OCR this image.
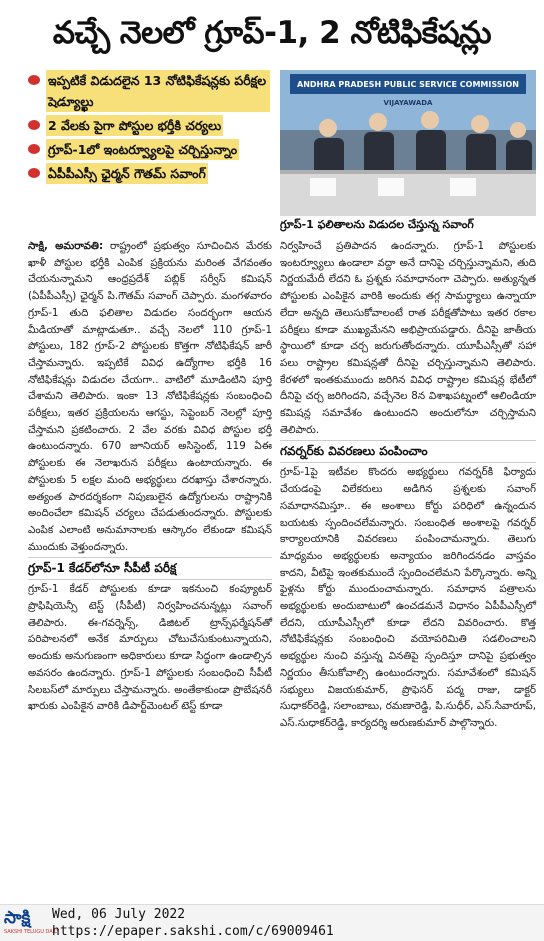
వచ్చే నెలలో గ్రూప్-1, 2 నోటిఫికేషన్లు
ఇప్పటికే విడుదలైన 13 నోటిఫికేషన్లకు పరీక్షల షెడ్యూల్ఖు
2 వేలకు పైగా పోస్టుల భర్తీకి చర్యలు
గ్రూప్-1లో ఇంటర్వ్యూలపై చర్చిస్తున్నాం
ఏపీపీఎస్సీ ఛైర్మన్ గౌతమ్ సవాంగ్
ANDHRA PRADESH PUBLIC SERVICE COMMISSION
VIJAYAWADA
గ్రూప్-1 ఫలితాలను విడుదల చేస్తున్న సవాంగ్

సాక్షి, అమరావతి: రాష్ట్రంలో ప్రభుత్వం సూచించిన మేరకు ఖాళీ పోస్టుల భర్తీకి ఎంపిక ప్రక్రియను మరింత వేగవంతం చేయనున్నామని ఆంధ్రప్రదేశ్ పబ్లిక్ సర్వీస్ కమిషన్ (ఏపీపీఎస్సీ) ఛైర్మన్ పి.గౌతమ్ సవాంగ్ చెప్పారు. మంగళవారం గ్రూప్-1 తుది ఫలితాల విడుదల సందర్భంగా ఆయన మీడియాతో మాట్లాడుతూ.. వచ్చే నెలలో 110 గ్రూప్-1 పోస్టులు, 182 గ్రూప్-2 పోస్టులకు కొత్తగా నోటిఫికేషన్ జారీ చేస్తామన్నారు. ఇప్పటికే వివిధ ఉద్యోగాల భర్తీకి 16 నోటిఫికేషన్లు విడుదల చేయగా.. వాటిలో మూడింటిని పూర్తి చేశామని తెలిపారు. ఇంకా 13 నోటిఫికేషన్లకు సంబంధించి పరీక్షలు, ఇతర ప్రక్రియలను ఆగస్టు, సెప్టెంబర్ నెలల్లో పూర్తి చేస్తామని ప్రకటించారు. 2 వేల వరకు వివిధ పోస్టుల భర్తీ ఉంటుందన్నారు. 670 జూనియర్ అసిస్టెంట్, 119 ఏఈ పోస్టులకు ఈ నెలాఖరున పరీక్షలు ఉంటాయన్నారు. ఈ పోస్టులకు 5 లక్షల మంది అభ్యర్థులు దరఖాస్తు చేశారన్నారు. అత్యంత పారదర్శకంగా నిపుణులైన ఉద్యోగులను రాష్ట్రానికి అందించేలా కమిషన్ చర్యలు చేపడుతుందన్నారు. పోస్టులకు ఎంపిక ఎలాంటి అనుమానాలకు ఆస్కారం లేకుండా కమిషన్ ముందుకు వెళ్తుందన్నారు.

గ్రూప్-1 కేడర్‌లోనూ సీపీటీ పరీక్ష

గ్రూప్-1 కేడర్ పోస్టులకు కూడా ఇకనుంచి కంప్యూటర్ ప్రొఫిషియెన్సీ టెస్ట్ (సీపీటీ) నిర్వహించనున్నట్లు సవాంగ్ తెలిపారు. ఈ-గవర్నెన్స్, డిజిటల్ ట్రాన్స్‌ఫర్మేషన్‌తో పరిపాలనలో అనేక మార్పులు చోటుచేసుకుంటున్నాయని, అందుకు అనుగుణంగా అధికారులు కూడా సిద్ధంగా ఉండాల్సిన అవసరం ఉందన్నారు. గ్రూప్-1 పోస్టులకు సంబంధించి సీపీటీ సిలబస్‌లో మార్పులు చేస్తామన్నారు. అంతేకాకుండా ప్రొబేషనరీ ఖారుకు ఎంపికైన వారికి డిపార్ట్‌మెంటల్ టెస్ట్ కూడా

నిర్వహించే ప్రతిపాదన ఉందన్నారు. గ్రూప్-1 పోస్టులకు ఇంటర్వ్యూలు ఉండాలా వద్దా అనే దానిపై చర్చిస్తున్నామని, తుది నిర్ణయమేదీ లేదని ఓ ప్రశ్నకు సమాధానంగా చెప్పారు. అత్యున్నత పోస్టులకు ఎంపికైన వారికి అందుకు తగ్గ సామర్థ్యాలు ఉన్నాయా లేదా అన్నది తెలుసుకోవాలంటే రాత పరీక్షతోపాటు ఇతర రకాల పరీక్షలు కూడా ముఖ్యమేనని అభిప్రాయపడ్డారు. దీనిపై జాతీయ స్థాయిలో కూడా చర్చ జరుగుతోందన్నారు. యూపీఎస్సీతో సహా పలు రాష్ట్రాల కమిషన్లతో దీనిపై చర్చిస్తున్నామని తెలిపారు. కేరళలో ఇంతకుముందు జరిగిన వివిధ రాష్ట్రాల కమిషన్ల భేటీలో దీనిపై చర్చ జరిగిందని, వచ్చేనెల 8న విశాఖపట్నంలో ఆలిండియా కమిషన్ల సమావేశం ఉంటుందని అందులోనూ చర్చిస్తామని తెలిపారు.

గవర్నర్‌కు వివరణలు పంపించాం

గ్రూప్-1పై ఇటీవల కొందరు అభ్యర్థులు గవర్నర్‌కి ఫిర్యాదు చేయడంపై విలేకరులు అడిగిన ప్రశ్నలకు సవాంగ్ సమాధానమిస్తూ.. ఈ అంశాలు కోర్టు పరిధిలో ఉన్నందున బయటకు స్పందించలేమన్నారు. సంబంధిత అంశాలపై గవర్నర్ కార్యాలయానికి వివరణలు పంపించామన్నారు. తెలుగు మాధ్యమం అభ్యర్థులకు అన్యాయం జరిగిందనడం వాస్తవం కాదని, వీటిపై ఇంతకుముందే స్పందించలేమని పేర్కొన్నారు. అన్ని ఫైళ్లను కోర్టు ముందుంచామన్నారు. సమాధాన పత్రాలను అభ్యర్థులకు అందుబాటులో ఉంచడమనే విధానం ఏపీపీఎస్సీలో లేదని, యూపీఎస్సీలో కూడా లేదని వివరించారు. కొత్త నోటిఫికేషన్లకు సంబంధించి వయోపరిమితి సడలించాలని అభ్యర్థుల నుంచి వస్తున్న వినతిపై స్పందిస్తూ దానిపై ప్రభుత్వం నిర్ణయం తీసుకోవాల్సి ఉంటుందన్నారు. సమావేశంలో కమిషన్ సభ్యులు విజయకుమార్, ప్రొఫెసర్ పద్మ రాజు, డాక్టర్ సుధాకర్‌రెడ్డి, సలాంబాబు, రమణారెడ్డి, పి.సుధీర్, ఎస్.సేవారూప్, ఎస్.సుధాకర్‌రెడ్డి, కార్యదర్శి అరుణకుమార్ పాల్గొన్నారు.

సాక్షి
SAKSHI TELUGU DAILY
Wed, 06 July 2022
https://epaper.sakshi.com/c/69009461
